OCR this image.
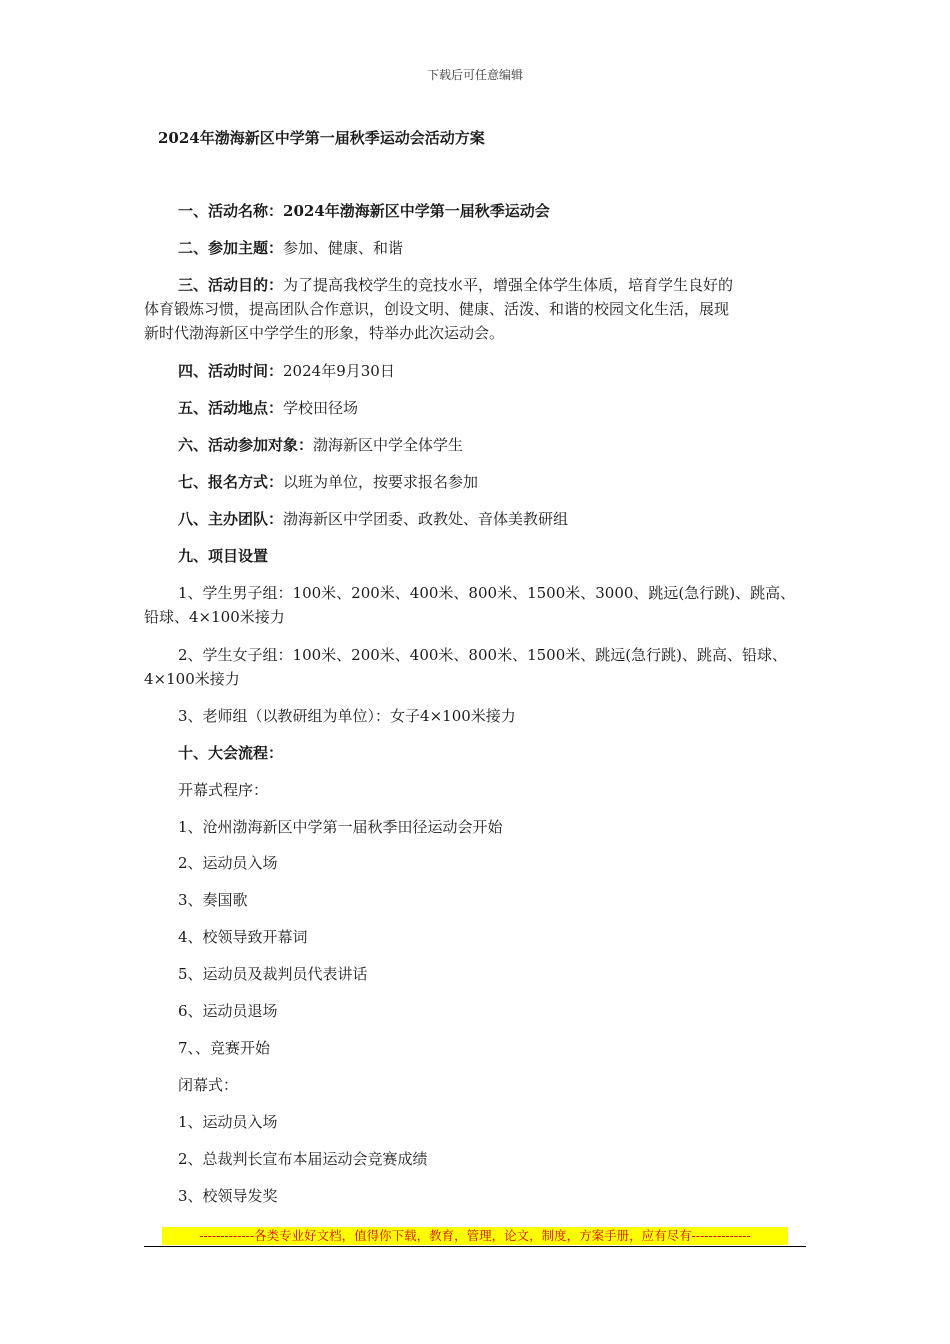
下载后可任意编辑
2024年渤海新区中学第一届秋季运动会活动方案
一、活动名称：2024年渤海新区中学第一届秋季运动会
二、参加主题：参加、健康、和谐
三、活动目的：为了提高我校学生的竞技水平，增强全体学生体质，培育学生良好的
体育锻炼习惯，提高团队合作意识，创设文明、健康、活泼、和谐的校园文化生活，展现
新时代渤海新区中学学生的形象，特举办此次运动会。
四、活动时间：2024年9月30日
五、活动地点：学校田径场
六、活动参加对象：渤海新区中学全体学生
七、报名方式：以班为单位，按要求报名参加
八、主办团队：渤海新区中学团委、政教处、音体美教研组
九、项目设置
1、学生男子组：100米、200米、400米、800米、1500米、3000、跳远(急行跳)、跳高、
铅球、4×100米接力
2、学生女子组：100米、200米、400米、800米、1500米、跳远(急行跳)、跳高、铅球、
4×100米接力
3、老师组（以教研组为单位）：女子4×100米接力
十、大会流程：
开幕式程序：
1、沧州渤海新区中学第一届秋季田径运动会开始
2、运动员入场
3、奏国歌
4、校领导致开幕词
5、运动员及裁判员代表讲话
6、运动员退场
7、、竞赛开始
闭幕式：
1、运动员入场
2、总裁判长宣布本届运动会竞赛成绩
3、校领导发奖
-------------各类专业好文档，值得你下载，教育，管理，论文，制度，方案手册，应有尽有--------------
